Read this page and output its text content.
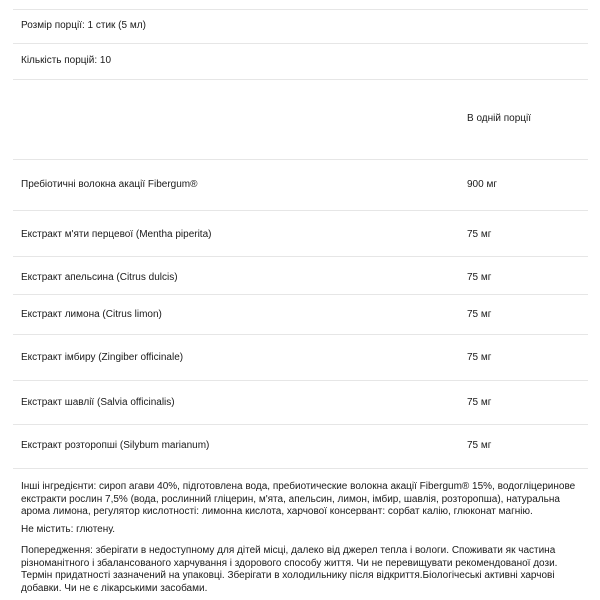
Розмір порції: 1 стик (5 мл)
Кількість порцій: 10
В одній порції
Пребіотичні волокна акації Fibergum®	900 мг
Екстракт м'яти перцевої (Mentha piperita)	75 мг
Екстракт апельсина (Citrus dulcis)	75 мг
Екстракт лимона (Citrus limon)	75 мг
Екстракт імбиру (Zingiber officinale)	75 мг
Екстракт шавлії (Salvia officinalis)	75 мг
Екстракт розторопші (Silybum marianum)	75 мг

Інші інгредієнти: сироп агави 40%, підготовлена вода, пребиотические волокна акації Fibergum® 15%, водогліцеринове екстракти рослин 7,5% (вода, рослинний гліцерин, м'ята, апельсин, лимон, імбир, шавлія, розторопша), натуральна арома лимона, регулятор кислотності: лимонна кислота, харчової консервант: сорбат калію, глюконат магнію.

Не містить: глютену.

Попередження: зберігати в недоступному для дітей місці, далеко від джерел тепла і вологи. Споживати як частина різноманітного і збалансованого харчування і здорового способу життя. Чи не перевищувати рекомендованої дози. Термін придатності зазначений на упаковці. Зберігати в холодильнику після відкриття.Біологічеські активні харчові добавки. Чи не є лікарськими засобами.
